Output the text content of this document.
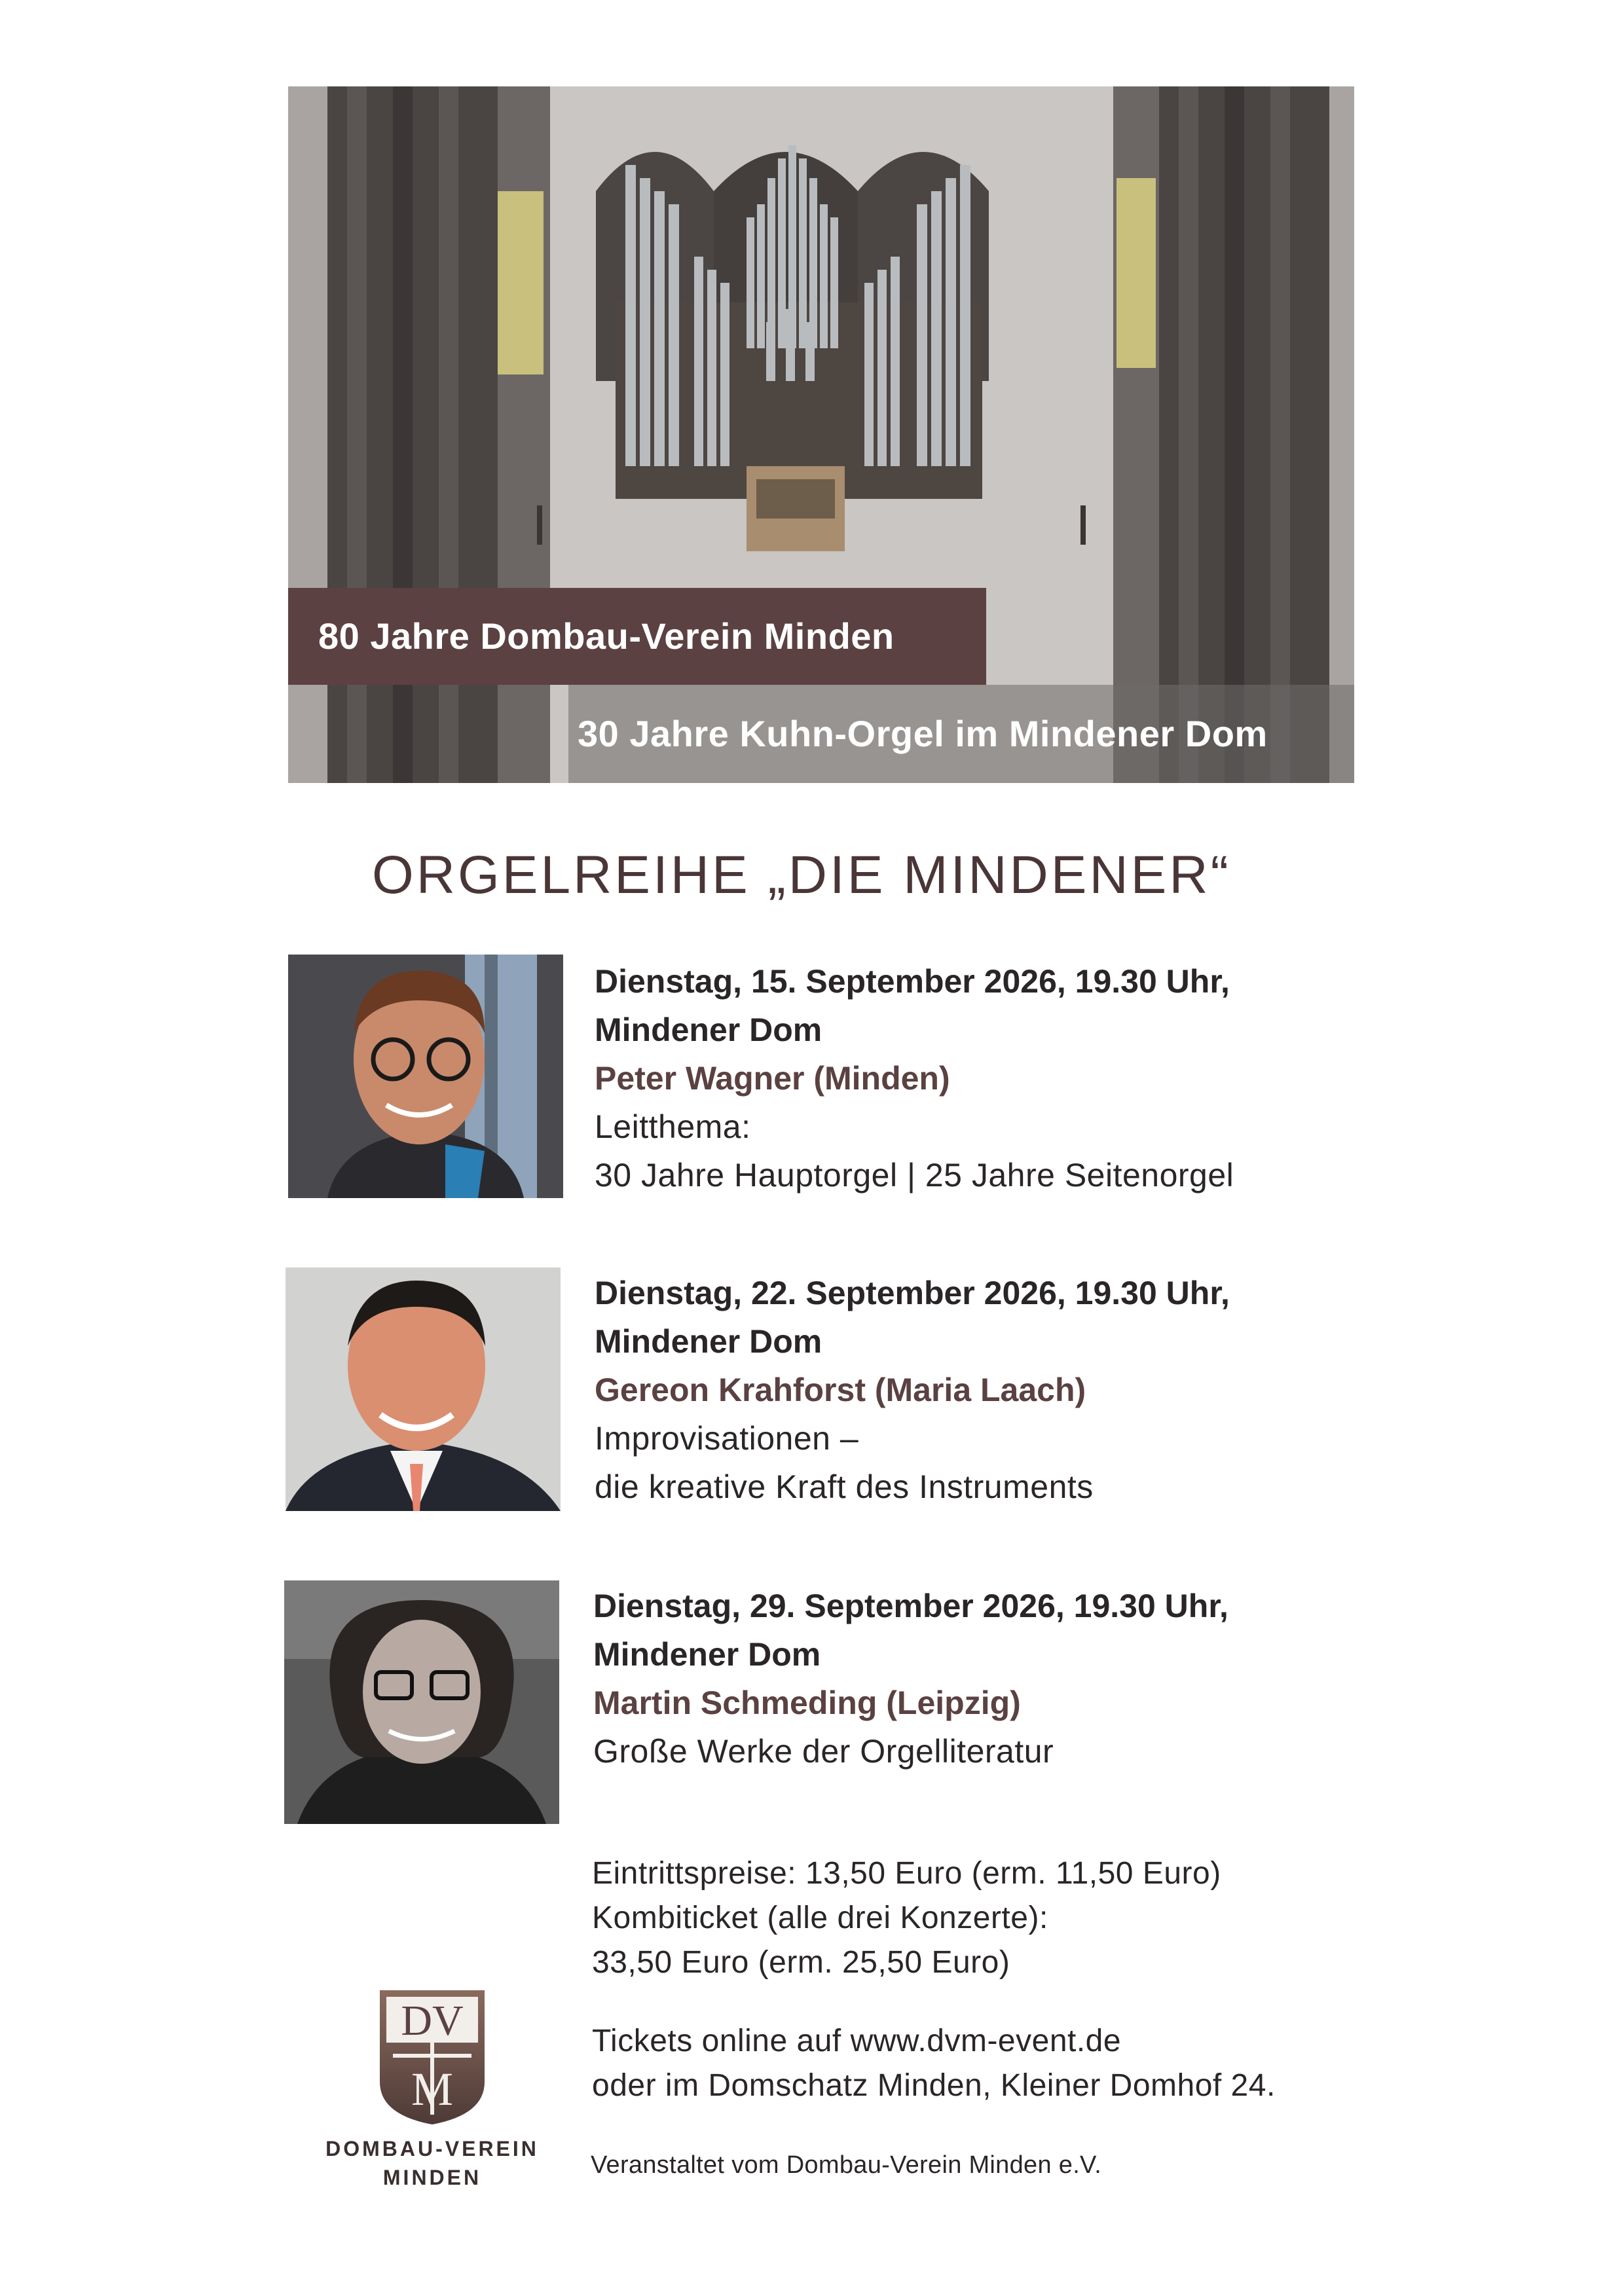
80 Jahre Dombau-Verein Minden
30 Jahre Kuhn-Orgel im Mindener Dom
ORGELREIHE „DIE MINDENER“
Dienstag, 15. September 2026, 19.30 Uhr,
Mindener Dom
Peter Wagner (Minden)
Leitthema:
30 Jahre Hauptorgel | 25 Jahre Seitenorgel
Dienstag, 22. September 2026, 19.30 Uhr,
Mindener Dom
Gereon Krahforst (Maria Laach)
Improvisationen –
die kreative Kraft des Instruments
Dienstag, 29. September 2026, 19.30 Uhr,
Mindener Dom
Martin Schmeding (Leipzig)
Große Werke der Orgelliteratur
Eintrittspreise: 13,50 Euro (erm. 11,50 Euro)
Kombiticket (alle drei Konzerte):
33,50 Euro (erm. 25,50 Euro)
Tickets online auf www.dvm-event.de
oder im Domschatz Minden, Kleiner Domhof 24.
Veranstaltet vom Dombau-Verein Minden e.V.
DV
M
DOMBAU-VEREIN
MINDEN
